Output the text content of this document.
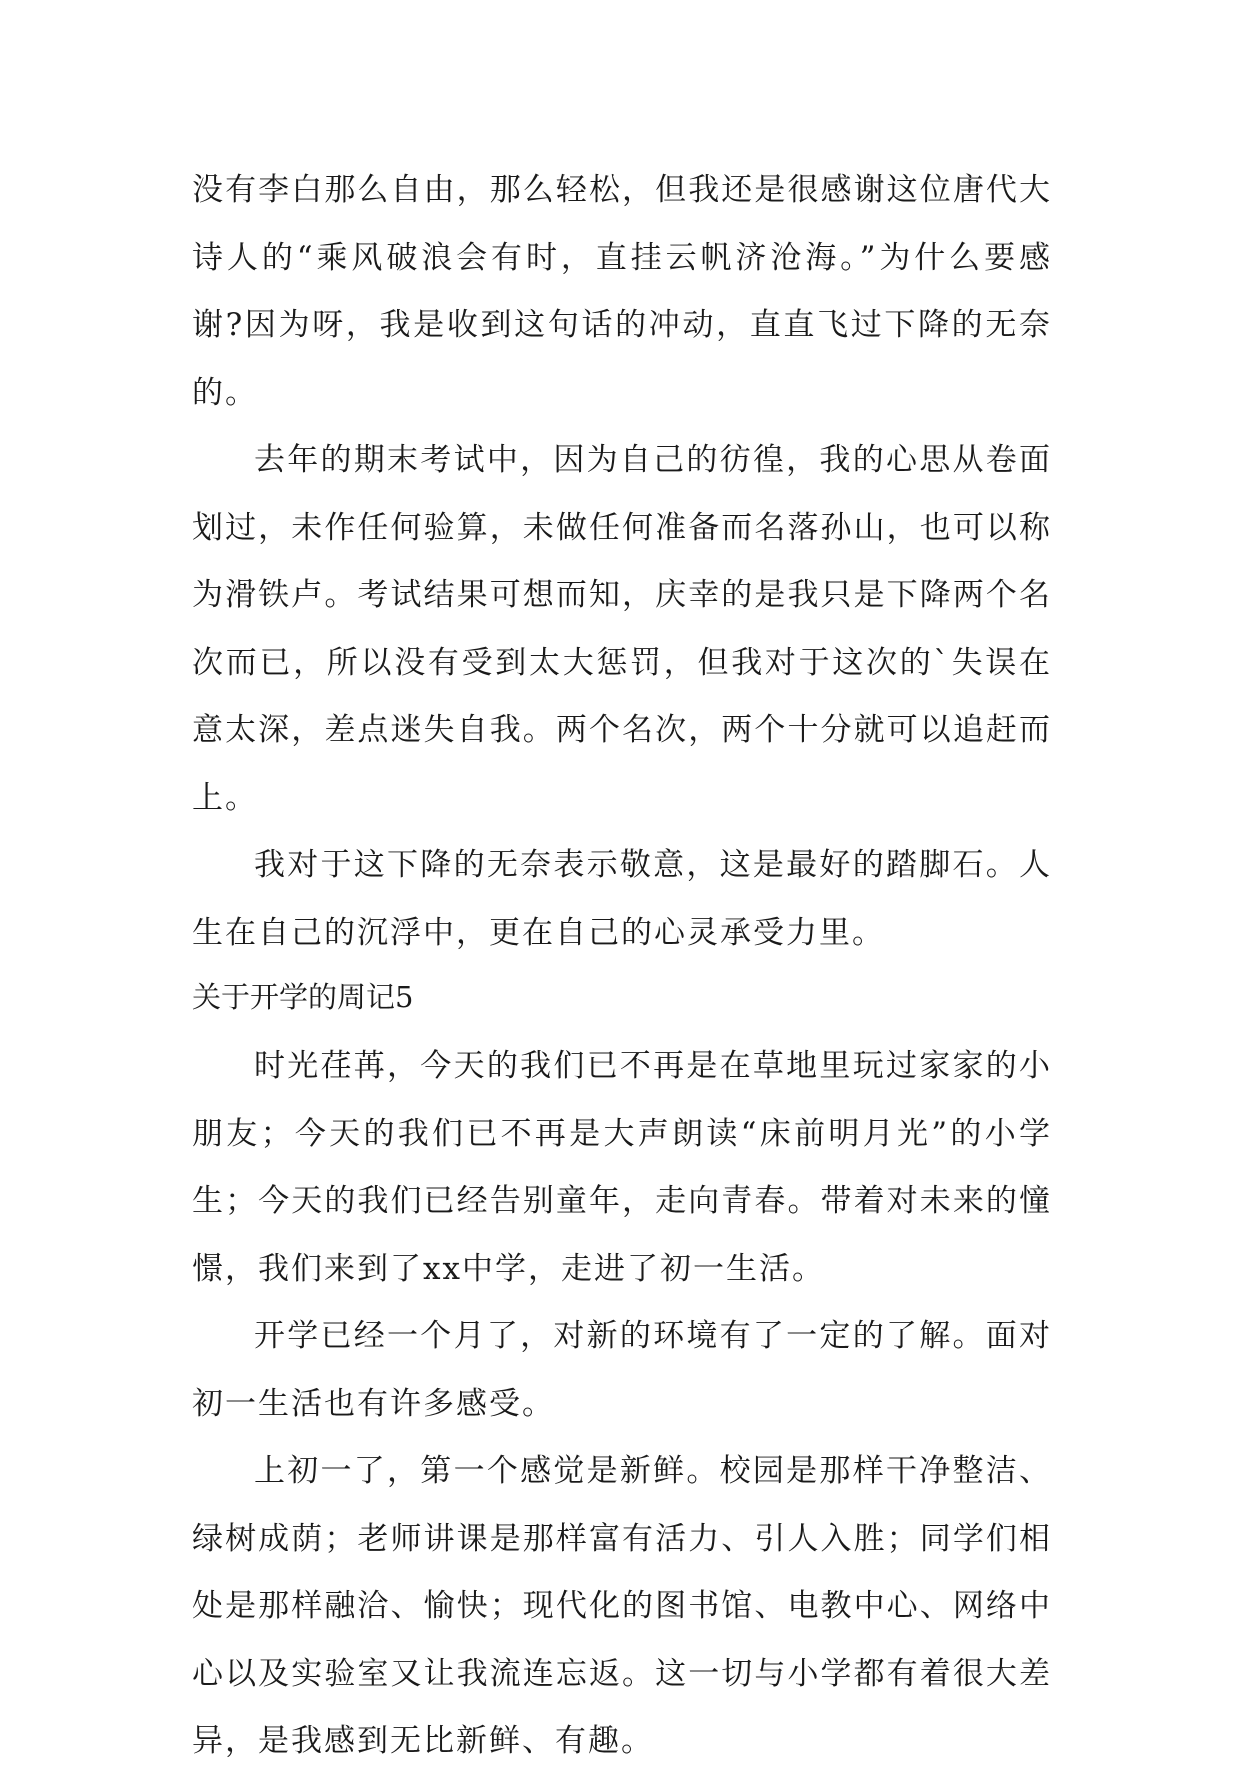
没有李白那么自由，那么轻松，但我还是很感谢这位唐代大诗人的“乘风破浪会有时，直挂云帆济沧海。”为什么要感谢?因为呀，我是收到这句话的冲动，直直飞过下降的无奈的。

去年的期末考试中，因为自己的彷徨，我的心思从卷面划过，未作任何验算，未做任何准备而名落孙山，也可以称为滑铁卢。考试结果可想而知，庆幸的是我只是下降两个名次而已，所以没有受到太大惩罚，但我对于这次的`失误在意太深，差点迷失自我。两个名次，两个十分就可以追赶而上。

我对于这下降的无奈表示敬意，这是最好的踏脚石。人生在自己的沉浮中，更在自己的心灵承受力里。

关于开学的周记5

时光荏苒，今天的我们已不再是在草地里玩过家家的小朋友；今天的我们已不再是大声朗读“床前明月光”的小学生；今天的我们已经告别童年，走向青春。带着对未来的憧憬，我们来到了xx中学，走进了初一生活。

开学已经一个月了，对新的环境有了一定的了解。面对初一生活也有许多感受。

上初一了，第一个感觉是新鲜。校园是那样干净整洁、绿树成荫；老师讲课是那样富有活力、引人入胜；同学们相处是那样融洽、愉快；现代化的图书馆、电教中心、网络中心以及实验室又让我流连忘返。这一切与小学都有着很大差异，是我感到无比新鲜、有趣。
